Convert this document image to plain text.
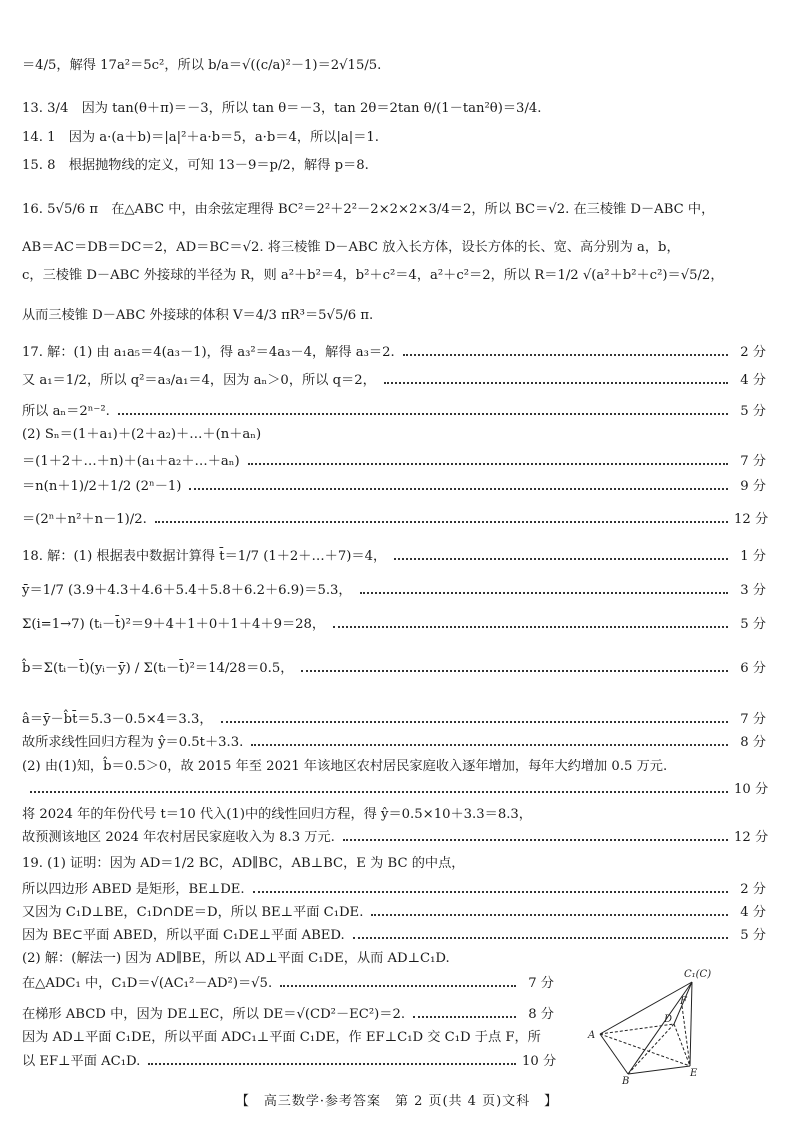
＝4/5，解得 17a²＝5c²，所以 b/a＝√((c/a)²－1)＝2√15/5.
13. 3/4　因为 tan(θ＋π)＝－3，所以 tan θ＝－3，tan 2θ＝2tan θ/(1－tan²θ)＝3/4.
14. 1　因为 a·(a＋b)＝|a|²＋a·b＝5，a·b＝4，所以|a|＝1.
15. 8　根据抛物线的定义，可知 13－9＝p/2，解得 p＝8.
16. 5√5/6 π　在△ABC 中，由余弦定理得 BC²＝2²＋2²－2×2×2×3/4＝2，所以 BC＝√2. 在三棱锥 D－ABC 中，
AB＝AC＝DB＝DC＝2，AD＝BC＝√2. 将三棱锥 D－ABC 放入长方体，设长方体的长、宽、高分别为 a，b，
c，三棱锥 D－ABC 外接球的半径为 R，则 a²＋b²＝4，b²＋c²＝4，a²＋c²＝2，所以 R＝1/2 √(a²＋b²＋c²)＝√5/2，
从而三棱锥 D－ABC 外接球的体积 V＝4/3 πR³＝5√5/6 π.
17. 解：(1) 由 a₁a₅＝4(a₃－1)，得 a₃²＝4a₃－4，解得 a₃＝2.	2 分
又 a₁＝1/2，所以 q²＝a₃/a₁＝4，因为 aₙ＞0，所以 q＝2，	4 分
所以 aₙ＝2ⁿ⁻².	5 分
(2) Sₙ＝(1＋a₁)＋(2＋a₂)＋…＋(n＋aₙ)
＝(1＋2＋…＋n)＋(a₁＋a₂＋…＋aₙ)	7 分
＝n(n＋1)/2＋1/2 (2ⁿ－1)	9 分
＝(2ⁿ＋n²＋n－1)/2.	12 分
18. 解：(1) 根据表中数据计算得 t̄＝1/7 (1＋2＋…＋7)＝4，	1 分
ȳ＝1/7 (3.9＋4.3＋4.6＋5.4＋5.8＋6.2＋6.9)＝5.3，	3 分
Σ(i=1→7) (tᵢ－t̄)²＝9＋4＋1＋0＋1＋4＋9＝28，	5 分
b̂＝Σ(tᵢ－t̄)(yᵢ－ȳ) / Σ(tᵢ－t̄)²＝14/28＝0.5，	6 分
â＝ȳ－b̂t̄＝5.3－0.5×4＝3.3，	7 分
故所求线性回归方程为 ŷ＝0.5t＋3.3.	8 分
(2) 由(1)知，b̂＝0.5＞0，故 2015 年至 2021 年该地区农村居民家庭收入逐年增加，每年大约增加 0.5 万元.
10 分
将 2024 年的年份代号 t＝10 代入(1)中的线性回归方程，得 ŷ＝0.5×10＋3.3＝8.3，
故预测该地区 2024 年农村居民家庭收入为 8.3 万元.	12 分
19. (1) 证明：因为 AD＝1/2 BC，AD∥BC，AB⊥BC，E 为 BC 的中点，
所以四边形 ABED 是矩形，BE⊥DE.	2 分
又因为 C₁D⊥BE，C₁D∩DE＝D，所以 BE⊥平面 C₁DE.	4 分
因为 BE⊂平面 ABED，所以平面 C₁DE⊥平面 ABED.	5 分
(2) 解：(解法一) 因为 AD∥BE，所以 AD⊥平面 C₁DE，从而 AD⊥C₁D.
在△ADC₁ 中，C₁D＝√(AC₁²－AD²)＝√5.	7 分
在梯形 ABCD 中，因为 DE⊥EC，所以 DE＝√(CD²－EC²)＝2.	8 分
因为 AD⊥平面 C₁DE，所以平面 ADC₁⊥平面 C₁DE，作 EF⊥C₁D 交 C₁D 于点 F，所
以 EF⊥平面 AC₁D.	10 分
C₁(C)
A
D
F
B
E
【　高三数学·参考答案　第 2 页(共 4 页)文科　】
